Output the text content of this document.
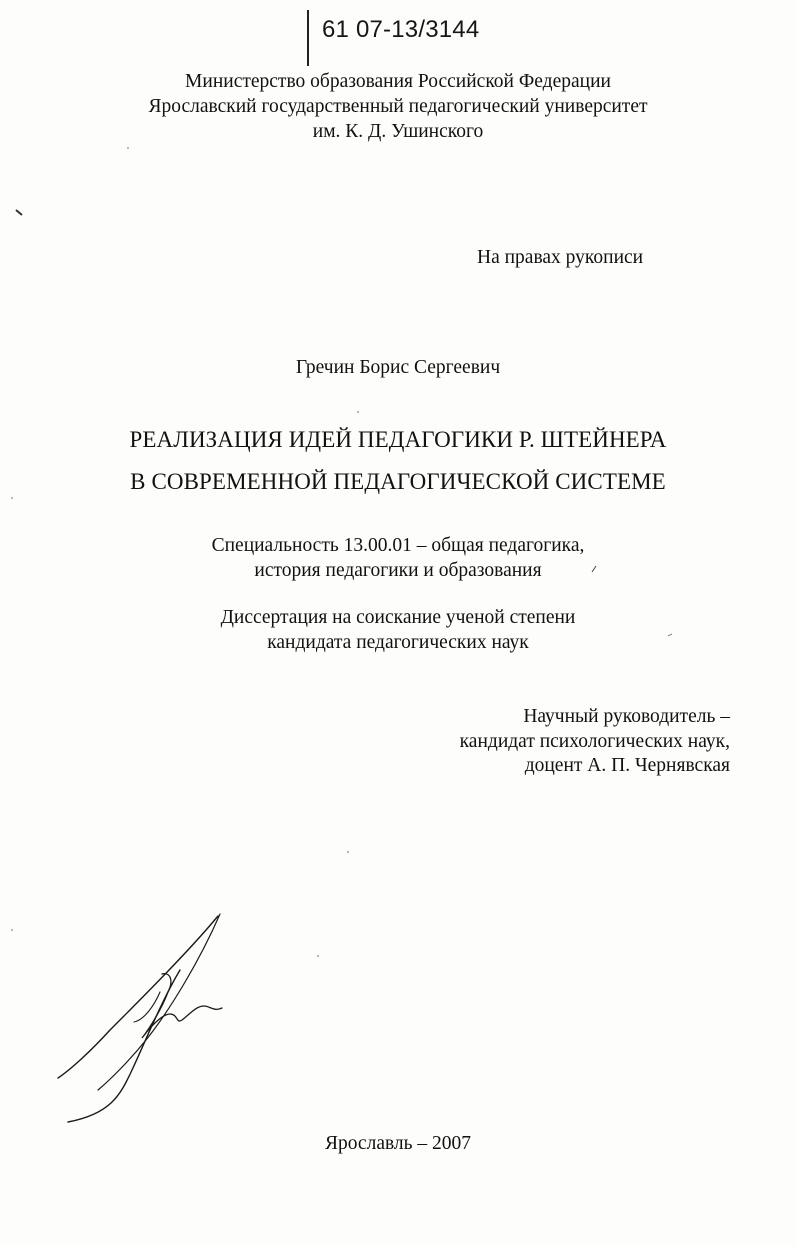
61 07-13/3144
Министерство образования Российской Федерации
Ярославский государственный педагогический университет
им. К. Д. Ушинского
На правах рукописи
Гречин Борис Сергеевич
РЕАЛИЗАЦИЯ ИДЕЙ ПЕДАГОГИКИ Р. ШТЕЙНЕРА
В СОВРЕМЕННОЙ ПЕДАГОГИЧЕСКОЙ СИСТЕМЕ
Специальность 13.00.01 – общая педагогика,
история педагогики и образования
Диссертация на соискание ученой степени
кандидата педагогических наук
Научный руководитель –
кандидат психологических наук,
доцент А. П. Чернявская
Ярославль – 2007
